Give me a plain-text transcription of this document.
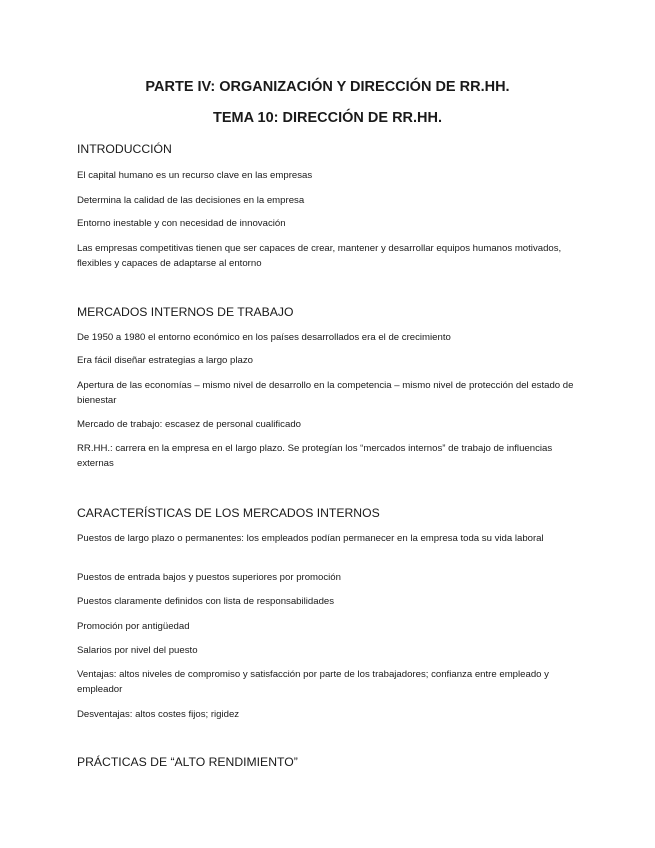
PARTE IV: ORGANIZACIÓN Y DIRECCIÓN DE RR.HH.
TEMA 10: DIRECCIÓN DE RR.HH.
INTRODUCCIÓN
El capital humano es un recurso clave en las empresas
Determina la calidad de las decisiones en la empresa
Entorno inestable y con necesidad de innovación
Las empresas competitivas tienen que ser capaces de crear, mantener y desarrollar equipos humanos motivados, flexibles y capaces de adaptarse al entorno
MERCADOS INTERNOS DE TRABAJO
De 1950 a 1980 el entorno económico en los países desarrollados era el de crecimiento
Era fácil diseñar estrategias a largo plazo
Apertura de las economías – mismo nivel de desarrollo en la competencia – mismo nivel de protección del estado de bienestar
Mercado de trabajo: escasez de personal cualificado
RR.HH.: carrera en la empresa en el largo plazo. Se protegían los “mercados internos” de trabajo de influencias externas
CARACTERÍSTICAS DE LOS MERCADOS INTERNOS
Puestos de largo plazo o permanentes: los empleados podían permanecer en la empresa toda su vida laboral
Puestos de entrada bajos y puestos superiores por promoción
Puestos claramente definidos con lista de responsabilidades
Promoción por antigüedad
Salarios por nivel del puesto
Ventajas: altos niveles de compromiso y satisfacción por parte de los trabajadores; confianza entre empleado y empleador
Desventajas: altos costes fijos; rigidez
PRÁCTICAS DE “ALTO RENDIMIENTO”
